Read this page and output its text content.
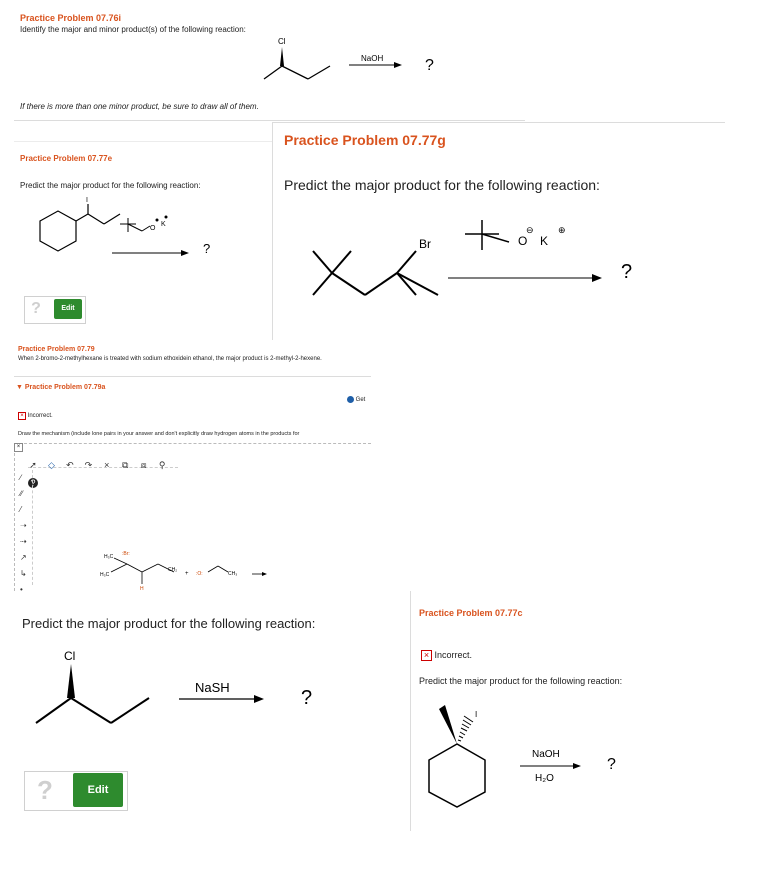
Practice Problem 07.76i
Identify the major and minor product(s) of the following reaction:
Cl
NaOH	?
If there is more than one minor product, be sure to draw all of them.
Practice Problem 07.77e
Predict the major product for the following reaction:
I
O
K
?
?	Edit
Practice Problem 07.77g
Predict the major product for the following reaction:
Br	O
⊖
K
⊕
?
Practice Problem 07.79
When 2-bromo-2-methylhexane is treated with sodium ethoxidein ethanol, the major product is 2-methyl-2-hexene.
▼ Practice Problem 07.79a
Get
× Incorrect.
Draw the mechanism (include lone pairs in your answer and don't explicitly draw hydrogen atoms in the products for
×
➚ ◇ ↶ ↷ × ⧉ ⧈ ⚲ ?
∕
∕∕
⁄
➝
⇢
↗
↳
•
H₃C :Br:
H₃C
H
CH₂
+ :O:	CH₃
Predict the major product for the following reaction:
Cl
NaSH	?
?	Edit
Practice Problem 07.77c
× Incorrect.
Predict the major product for the following reaction:
I
NaOH
H₂O
?
